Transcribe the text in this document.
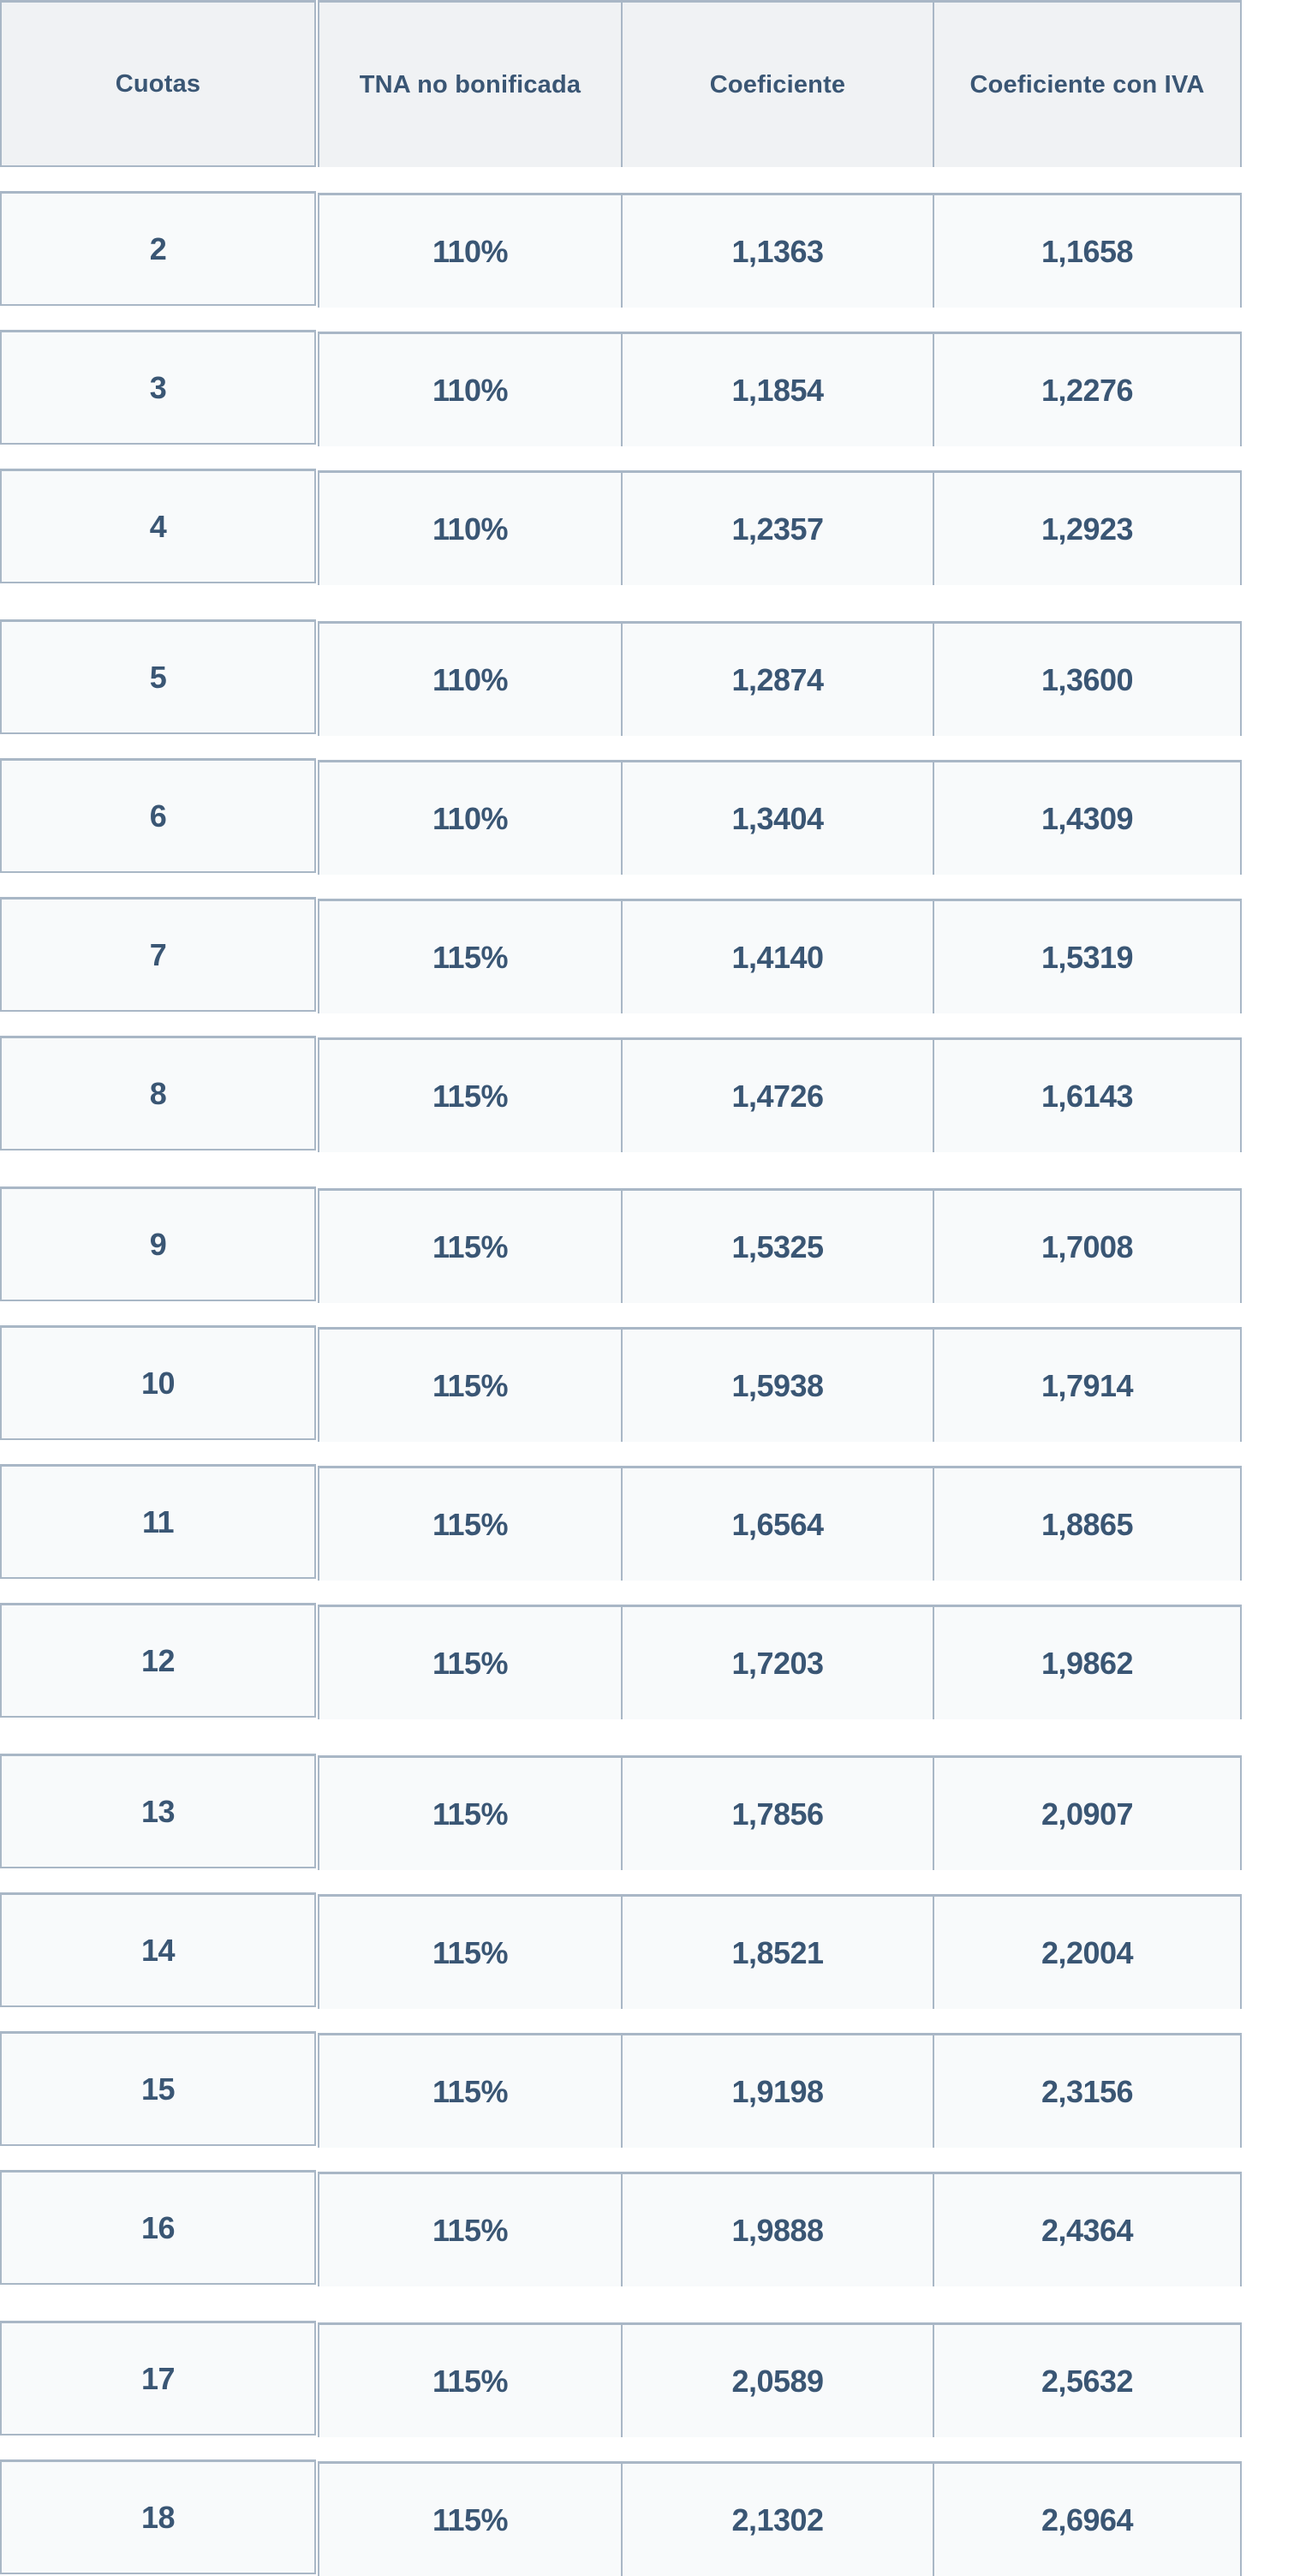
Cuotas	TNA no bonificada	Coeficiente	Coeficiente con IVA
2	110%	1,1363	1,1658
3	110%	1,1854	1,2276
4	110%	1,2357	1,2923
5	110%	1,2874	1,3600
6	110%	1,3404	1,4309
7	115%	1,4140	1,5319
8	115%	1,4726	1,6143
9	115%	1,5325	1,7008
10	115%	1,5938	1,7914
11	115%	1,6564	1,8865
12	115%	1,7203	1,9862
13	115%	1,7856	2,0907
14	115%	1,8521	2,2004
15	115%	1,9198	2,3156
16	115%	1,9888	2,4364
17	115%	2,0589	2,5632
18	115%	2,1302	2,6964
